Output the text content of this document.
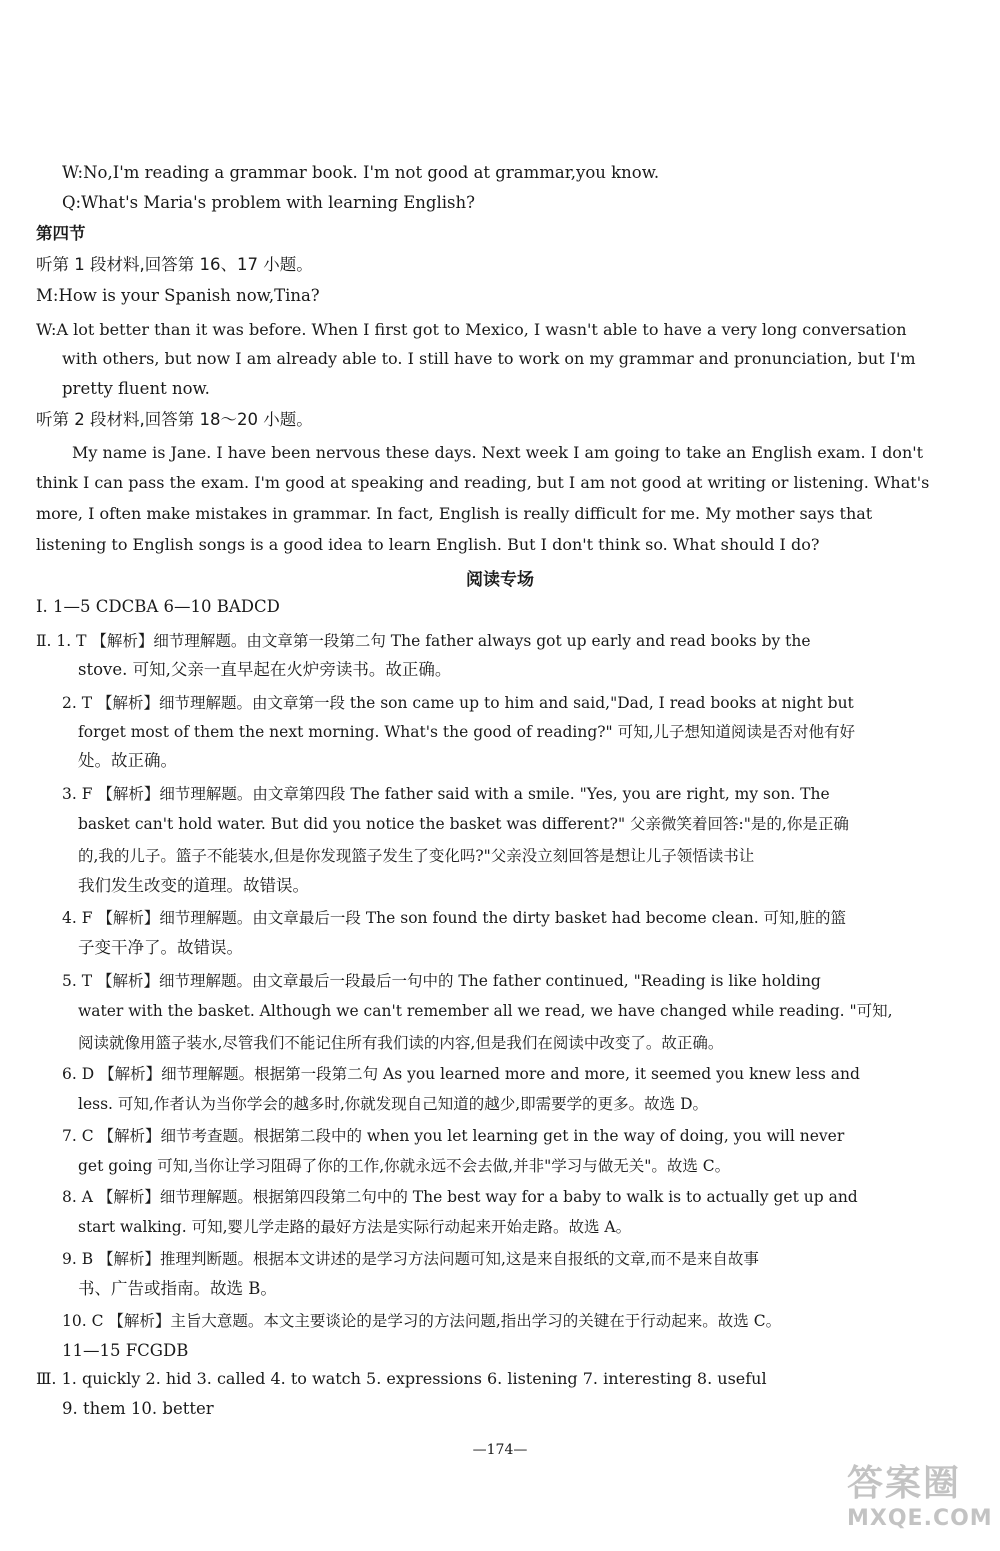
W:No,I'm reading a grammar book. I'm not good at grammar,you know.
Q:What's Maria's problem with learning English?
第四节
听第 1 段材料,回答第 16、17 小题。
M:How is your Spanish now,Tina?
W:A lot better than it was before. When I first got to Mexico, I wasn't able to have a very long conversation
with others, but now I am already able to. I still have to work on my grammar and pronunciation, but I'm
pretty fluent now.
听第 2 段材料,回答第 18～20 小题。
My name is Jane. I have been nervous these days. Next week I am going to take an English exam. I don't
think I can pass the exam. I'm good at speaking and reading, but I am not good at writing or listening. What's
more, I often make mistakes in grammar. In fact, English is really difficult for me. My mother says that
listening to English songs is a good idea to learn English. But I don't think so. What should I do?
阅读专场
Ⅰ. 1—5 CDCBA 6—10 BADCD
Ⅱ. 1. T 【解析】细节理解题。由文章第一段第二句 The father always got up early and read books by the
stove. 可知,父亲一直早起在火炉旁读书。故正确。
2. T 【解析】细节理解题。由文章第一段 the son came up to him and said,"Dad, I read books at night but
forget most of them the next morning. What's the good of reading?" 可知,儿子想知道阅读是否对他有好
处。故正确。
3. F 【解析】细节理解题。由文章第四段 The father said with a smile. "Yes, you are right, my son. The
basket can't hold water. But did you notice the basket was different?" 父亲微笑着回答:"是的,你是正确
的,我的儿子。篮子不能装水,但是你发现篮子发生了变化吗?"父亲没立刻回答是想让儿子领悟读书让
我们发生改变的道理。故错误。
4. F 【解析】细节理解题。由文章最后一段 The son found the dirty basket had become clean. 可知,脏的篮
子变干净了。故错误。
5. T 【解析】细节理解题。由文章最后一段最后一句中的 The father continued, "Reading is like holding
water with the basket. Although we can't remember all we read, we have changed while reading. "可知,
阅读就像用篮子装水,尽管我们不能记住所有我们读的内容,但是我们在阅读中改变了。故正确。
6. D 【解析】细节理解题。根据第一段第二句 As you learned more and more, it seemed you knew less and
less. 可知,作者认为当你学会的越多时,你就发现自己知道的越少,即需要学的更多。故选 D。
7. C 【解析】细节考查题。根据第二段中的 when you let learning get in the way of doing, you will never
get going 可知,当你让学习阻碍了你的工作,你就永远不会去做,并非"学习与做无关"。故选 C。
8. A 【解析】细节理解题。根据第四段第二句中的 The best way for a baby to walk is to actually get up and
start walking. 可知,婴儿学走路的最好方法是实际行动起来开始走路。故选 A。
9. B 【解析】推理判断题。根据本文讲述的是学习方法问题可知,这是来自报纸的文章,而不是来自故事
书、广告或指南。故选 B。
10. C 【解析】主旨大意题。本文主要谈论的是学习的方法问题,指出学习的关键在于行动起来。故选 C。
11—15 FCGDB
Ⅲ. 1. quickly 2. hid 3. called 4. to watch 5. expressions 6. listening 7. interesting 8. useful
9. them 10. better
—174—
答案圈
MXQE.COM
